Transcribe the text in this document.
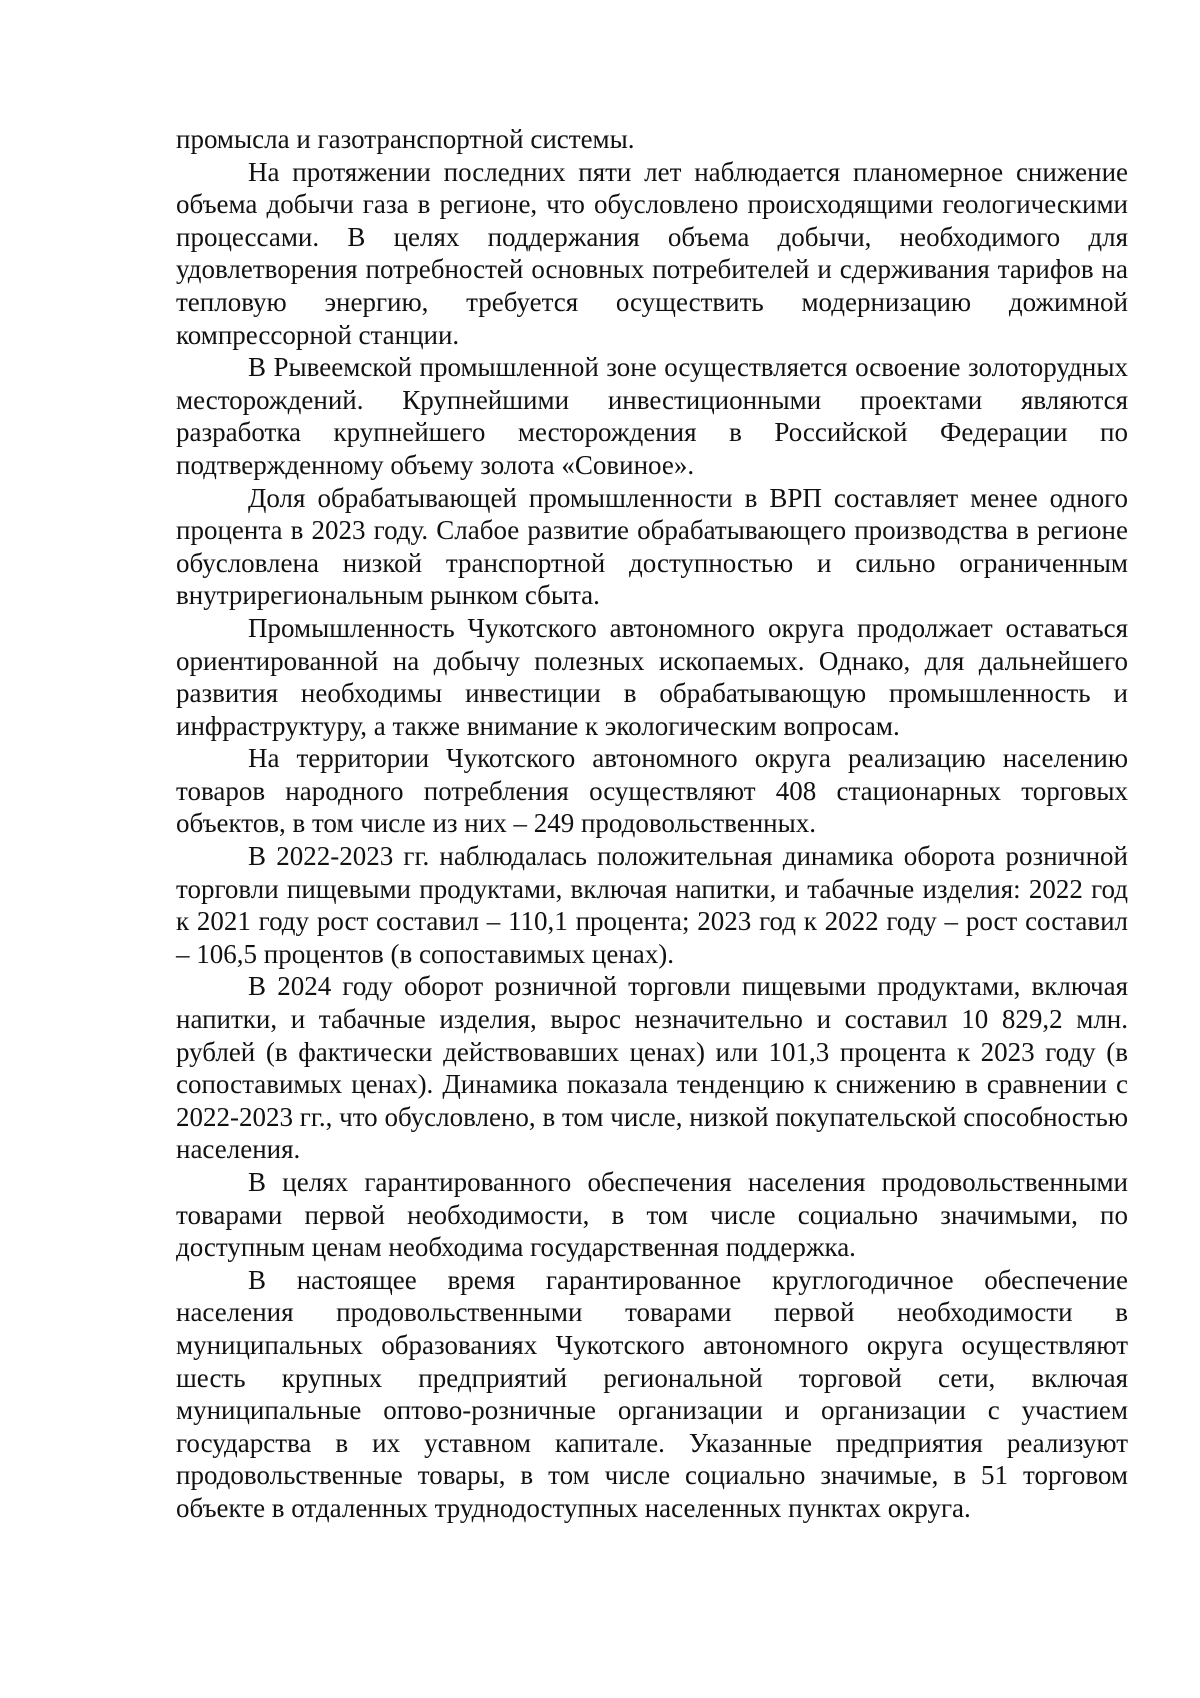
промысла и газотранспортной системы.

На протяжении последних пяти лет наблюдается планомерное снижение объема добычи газа в регионе, что обусловлено происходящими геологическими процессами. В целях поддержания объема добычи, необходимого для удовлетворения потребностей основных потребителей и сдерживания тарифов на тепловую энергию, требуется осуществить модернизацию дожимной компрессорной станции.

В Рывеемской промышленной зоне осуществляется освоение золоторудных месторождений. Крупнейшими инвестиционными проектами являются разработка крупнейшего месторождения в Российской Федерации по подтвержденному объему золота «Совиное».

Доля обрабатывающей промышленности в ВРП составляет менее одного процента в 2023 году. Слабое развитие обрабатывающего производства в регионе обусловлена низкой транспортной доступностью и сильно ограниченным внутрирегиональным рынком сбыта.

Промышленность Чукотского автономного округа продолжает оставаться ориентированной на добычу полезных ископаемых. Однако, для дальнейшего развития необходимы инвестиции в обрабатывающую промышленность и инфраструктуру, а также внимание к экологическим вопросам.

На территории Чукотского автономного округа реализацию населению товаров народного потребления осуществляют 408 стационарных торговых объектов, в том числе из них – 249 продовольственных.

В 2022-2023 гг. наблюдалась положительная динамика оборота розничной торговли пищевыми продуктами, включая напитки, и табачные изделия: 2022 год к 2021 году рост составил – 110,1 процента; 2023 год к 2022 году – рост составил – 106,5 процентов (в сопоставимых ценах).

В 2024 году оборот розничной торговли пищевыми продуктами, включая напитки, и табачные изделия, вырос незначительно и составил 10 829,2 млн. рублей (в фактически действовавших ценах) или 101,3 процента к 2023 году (в сопоставимых ценах). Динамика показала тенденцию к снижению в сравнении с 2022-2023 гг., что обусловлено, в том числе, низкой покупательской способностью населения.

В целях гарантированного обеспечения населения продовольственными товарами первой необходимости, в том числе социально значимыми, по доступным ценам необходима государственная поддержка.

В настоящее время гарантированное круглогодичное обеспечение населения продовольственными товарами первой необходимости в муниципальных образованиях Чукотского автономного округа осуществляют шесть крупных предприятий региональной торговой сети, включая муниципальные оптово-розничные организации и организации с участием государства в их уставном капитале. Указанные предприятия реализуют продовольственные товары, в том числе социально значимые, в 51 торговом объекте в отдаленных труднодоступных населенных пунктах округа.
